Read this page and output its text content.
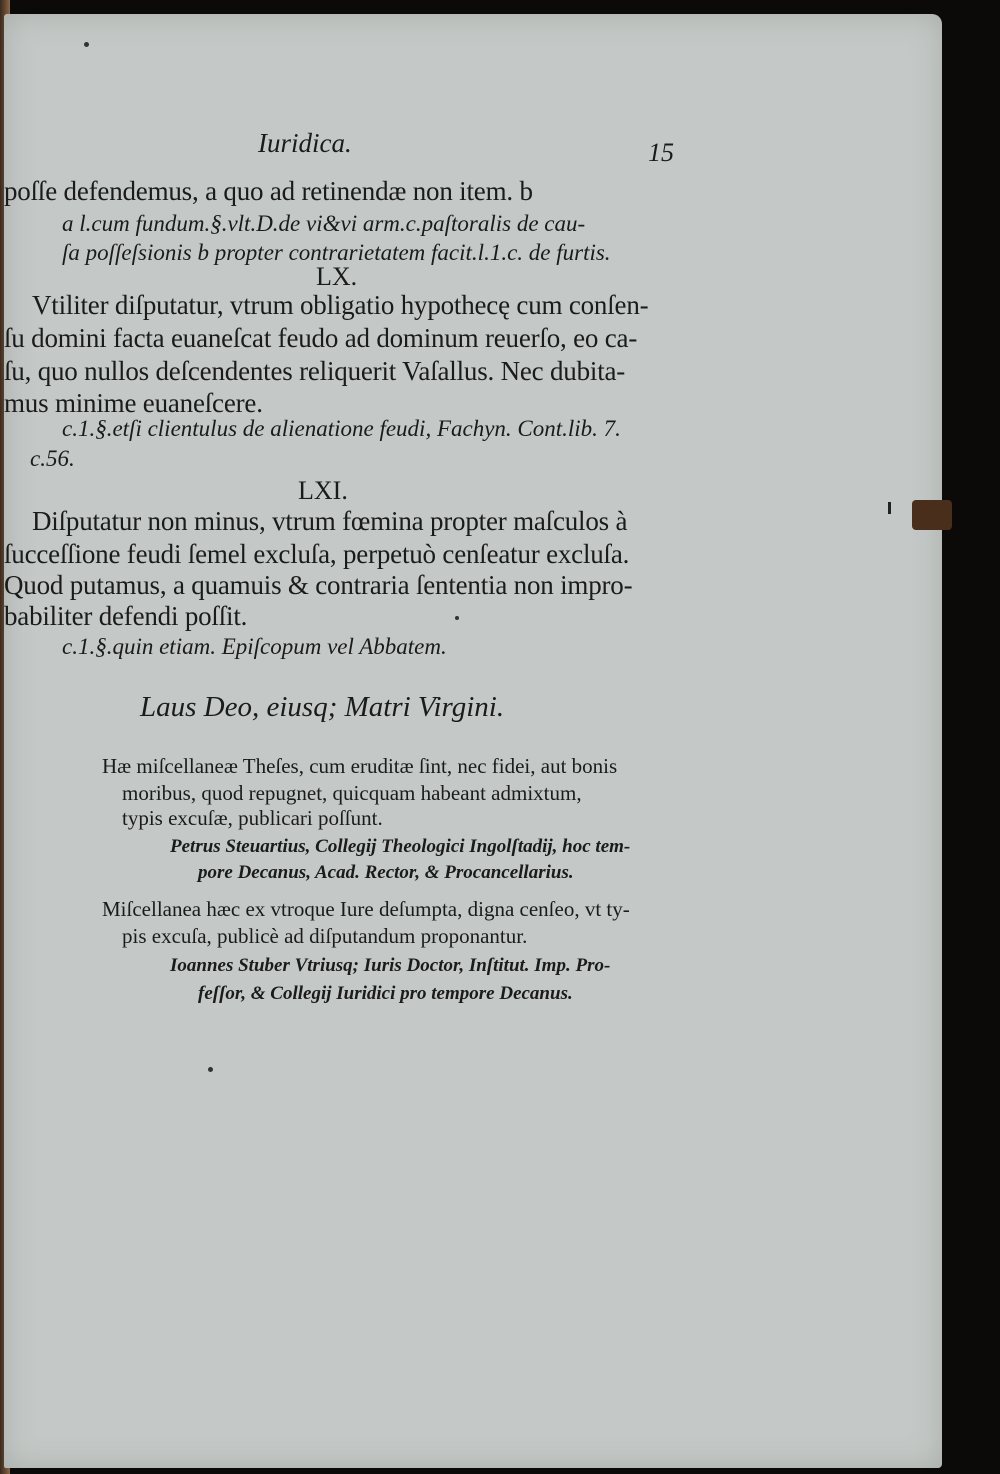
Iuridica.	15
poſſe defendemus, a quo ad retinendæ non item. b
a l.cum fundum.§.vlt.D.de vi&vi arm.c.paſtoralis de cau-
ſa poſſeſsionis b propter contrarietatem facit.l.1.c. de furtis.
LX.
Vtiliter diſputatur, vtrum obligatio hypothecę cum conſen-
ſu domini facta euaneſcat feudo ad dominum reuerſo, eo ca-
ſu, quo nullos deſcendentes reliquerit Vaſallus. Nec dubita-
mus minime euaneſcere.
c.1.§.etſi clientulus de alienatione feudi, Fachyn. Cont.lib. 7.
c.56.
LXI.
Diſputatur non minus, vtrum fœmina propter maſculos à
ſucceſſione feudi ſemel excluſa, perpetuò cenſeatur excluſa.
Quod putamus, a quamuis & contraria ſententia non impro-
babiliter defendi poſſit.
c.1.§.quin etiam. Epiſcopum vel Abbatem.
Laus Deo, eiusq; Matri Virgini.
Hæ miſcellaneæ Theſes, cum eruditæ ſint, nec fidei, aut bonis
moribus, quod repugnet, quicquam habeant admixtum,
typis excuſæ, publicari poſſunt.
Petrus Steuartius, Collegij Theologici Ingolſtadij, hoc tem-
pore Decanus, Acad. Rector, & Procancellarius.
Miſcellanea hæc ex vtroque Iure deſumpta, digna cenſeo, vt ty-
pis excuſa, publicè ad diſputandum proponantur.
Ioannes Stuber Vtriusq; Iuris Doctor, Inſtitut. Imp. Pro-
feſſor, & Collegij Iuridici pro tempore Decanus.
